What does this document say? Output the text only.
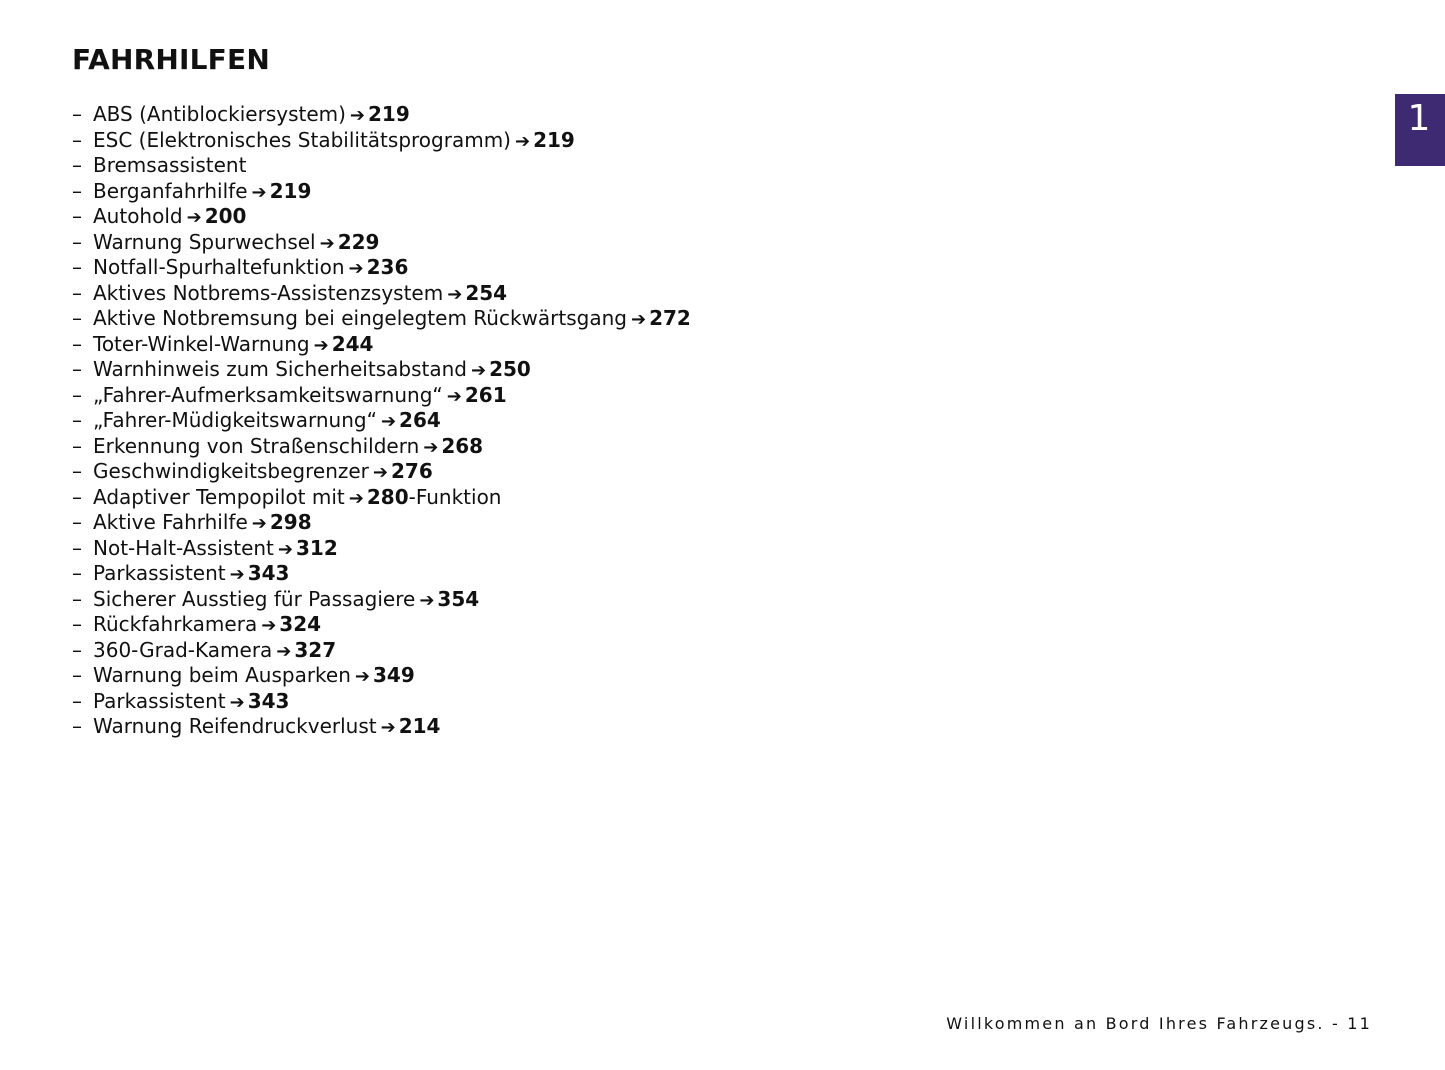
FAHRHILFEN
1
– ABS (Antiblockiersystem) ➔ 219
– ESC (Elektronisches Stabilitätsprogramm) ➔ 219
– Bremsassistent
– Berganfahrhilfe ➔ 219
– Autohold ➔ 200
– Warnung Spurwechsel ➔ 229
– Notfall-Spurhaltefunktion ➔ 236
– Aktives Notbrems-Assistenzsystem ➔ 254
– Aktive Notbremsung bei eingelegtem Rückwärtsgang ➔ 272
– Toter-Winkel-Warnung ➔ 244
– Warnhinweis zum Sicherheitsabstand ➔ 250
– „Fahrer-Aufmerksamkeitswarnung“ ➔ 261
– „Fahrer-Müdigkeitswarnung“ ➔ 264
– Erkennung von Straßenschildern ➔ 268
– Geschwindigkeitsbegrenzer ➔ 276
– Adaptiver Tempopilot mit ➔ 280-Funktion
– Aktive Fahrhilfe ➔ 298
– Not-Halt-Assistent ➔ 312
– Parkassistent ➔ 343
– Sicherer Ausstieg für Passagiere ➔ 354
– Rückfahrkamera ➔ 324
– 360-Grad-Kamera ➔ 327
– Warnung beim Ausparken ➔ 349
– Parkassistent ➔ 343
– Warnung Reifendruckverlust ➔ 214
Willkommen an Bord Ihres Fahrzeugs. - 11
